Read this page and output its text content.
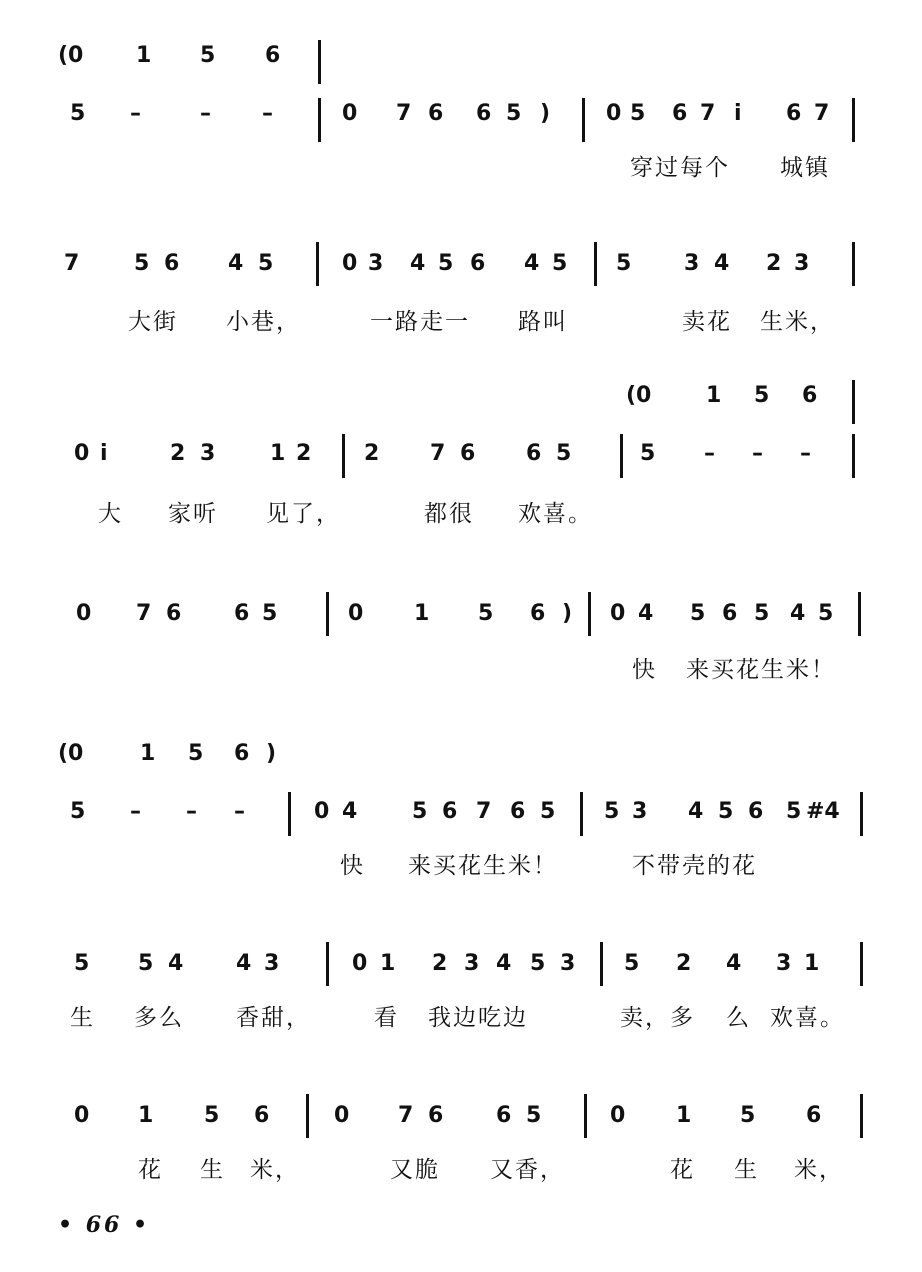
(0 1 5 6
5 –	– –	0 7 6 6 5 )	0 5 6 7 i 6 7
穿过每个 城镇
7 5 6 4 5	0 3 4 5 6 4 5 5 3 4 2 3
大街 小巷，	一路走一 路叫	卖花 生米，
(0 1 5 6
0 i	2 3 1 2 2 7 6 6 5	5 – – –
大 家听 见了，	都很 欢喜。
0 7 6 6 5	0 1 5 6 ) 0 4 5 6 5 4 5
快 来买花生米！
(0	1 5 6 )
5 – – –	0 4 5 6 7 6 5 5 3 4 5 6 5 #4
快 来买花生米！	不带壳的花
5 5 4 4 3	0 1 2 3 4 5 3 5 2 4 3 1
生 多么 香甜，	看 我边吃边	卖，多 么 欢喜。
0 1 5 6	0 7 6 6 5	0 1 5 6
花 生 米，	又脆 又香，	花 生 米，
• 66 •
